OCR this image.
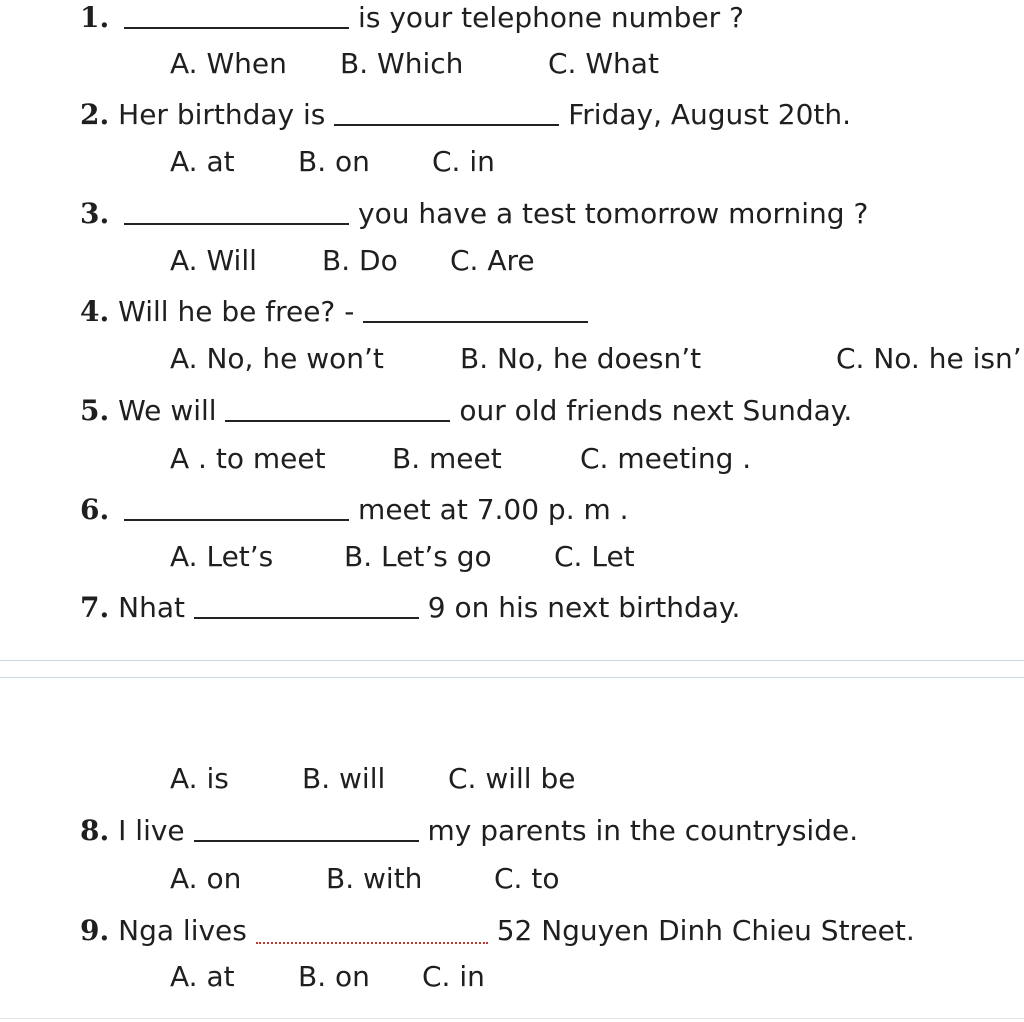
1.	is your telephone number ?
A. When B. Which	C. What
2. Her birthday is	Friday, August 20th.
A. at B. on C. in
3.	you have a test tomorrow morning ?
A. Will B. Do C. Are
4. Will he be free? -
A. No, he won’t	B. No, he doesn’t	C. No. he isn’
5. We will	our old friends next Sunday.
A . to meet B. meet	C. meeting .
6.	meet at 7.00 p. m .
A. Let’s	B. Let’s go C. Let
7. Nhat	9 on his next birthday.
A. is	B. will C. will be
8. I live	my parents in the countryside.
A. on	B. with	C. to
9. Nga lives	52 Nguyen Dinh Chieu Street.
A. at B. on C. in
